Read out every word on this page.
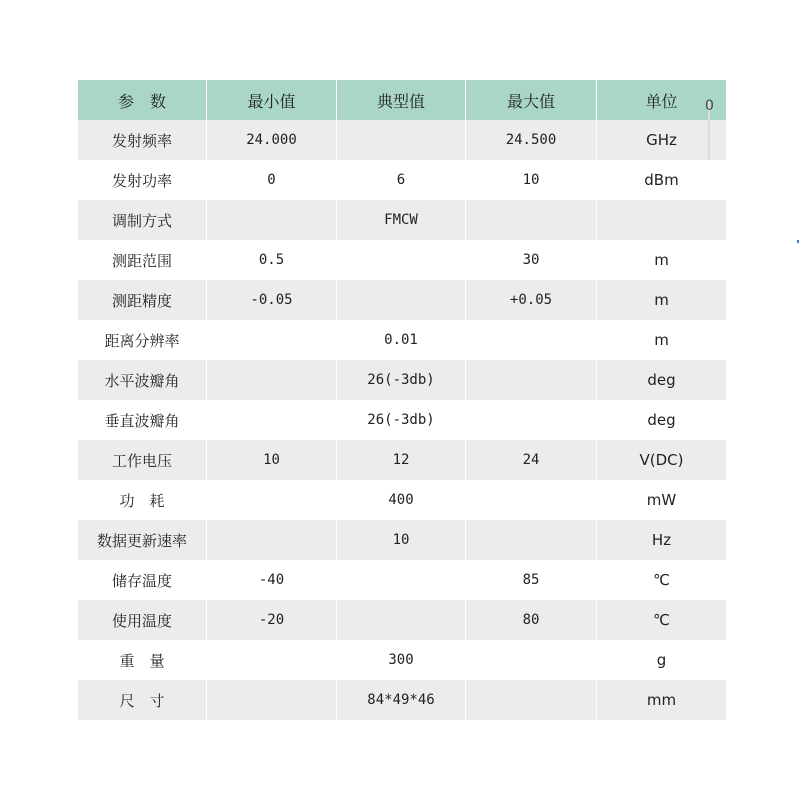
参　数	最小值	典型值	最大值	单位
发射频率	24.000		24.500	GHz
发射功率	0	6	10	dBm
调制方式		FMCW		
测距范围	0.5		30	m
测距精度	-0.05		+0.05	m
距离分辨率		0.01		m
水平波瓣角		26(-3db)		deg
垂直波瓣角		26(-3db)		deg
工作电压	10	12	24	V(DC)
功　耗		400		mW
数据更新速率		10		Hz
储存温度	-40		85	℃
使用温度	-20		80	℃
重　量		300		g
尺　寸		84*49*46		mm
0
